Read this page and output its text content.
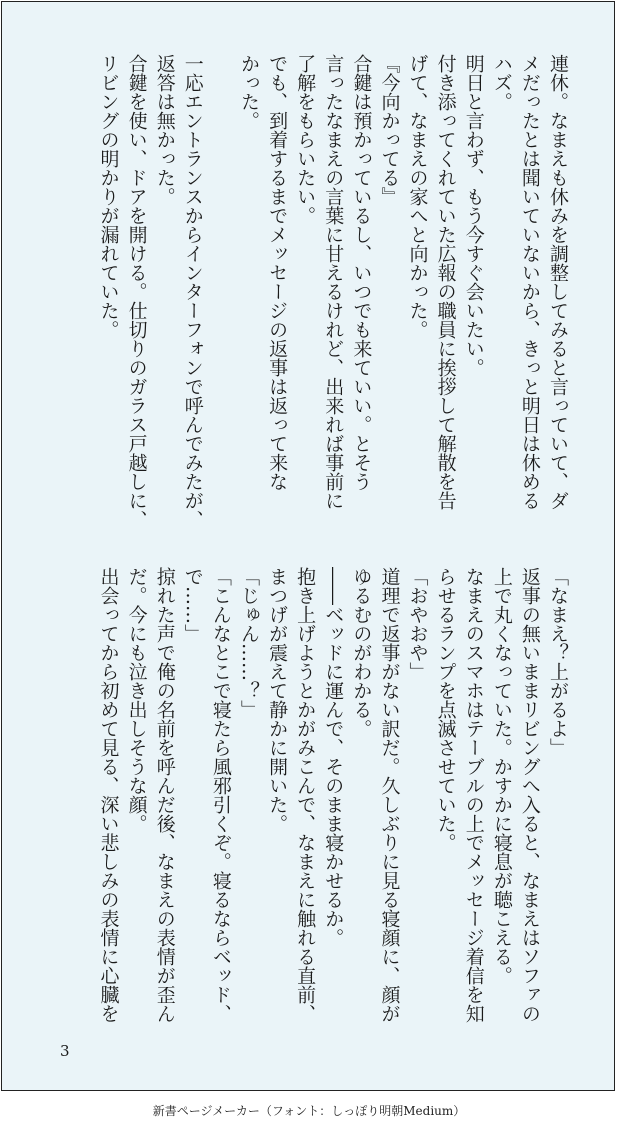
連休。なまえも休みを調整してみると言っていて、ダ
メだったとは聞いていないから、きっと明日は休める
ハズ。
明日と言わず、もう今すぐ会いたい。
付き添ってくれていた広報の職員に挨拶して解散を告
げて、なまえの家へと向かった。
『今向かってる』
合鍵は預かっているし、いつでも来ていい。とそう
言ったなまえの言葉に甘えるけれど、出来れば事前に
了解をもらいたい。
でも、到着するまでメッセージの返事は返って来な
かった。
一応エントランスからインターフォンで呼んでみたが、
返答は無かった。
合鍵を使い、ドアを開ける。仕切りのガラス戸越しに、
リビングの明かりが漏れていた。
「なまえ？上がるよ」
返事の無いままリビングへ入ると、なまえはソファの
上で丸くなっていた。かすかに寝息が聴こえる。
なまえのスマホはテーブルの上でメッセージ着信を知
らせるランプを点滅させていた。
「おやおや」
道理で返事がない訳だ。久しぶりに見る寝顔に、顔が
ゆるむのがわかる。
――ベッドに運んで、そのまま寝かせるか。
抱き上げようとかがみこんで、なまえに触れる直前、
まつげが震えて静かに開いた。
「じゅん……？」
「こんなとこで寝たら風邪引くぞ。寝るならベッド、
で……」
掠れた声で俺の名前を呼んだ後、なまえの表情が歪ん
だ。今にも泣き出しそうな顔。
出会ってから初めて見る、深い悲しみの表情に心臓を
3
新書ページメーカー（フォント：しっぽり明朝Medium）
